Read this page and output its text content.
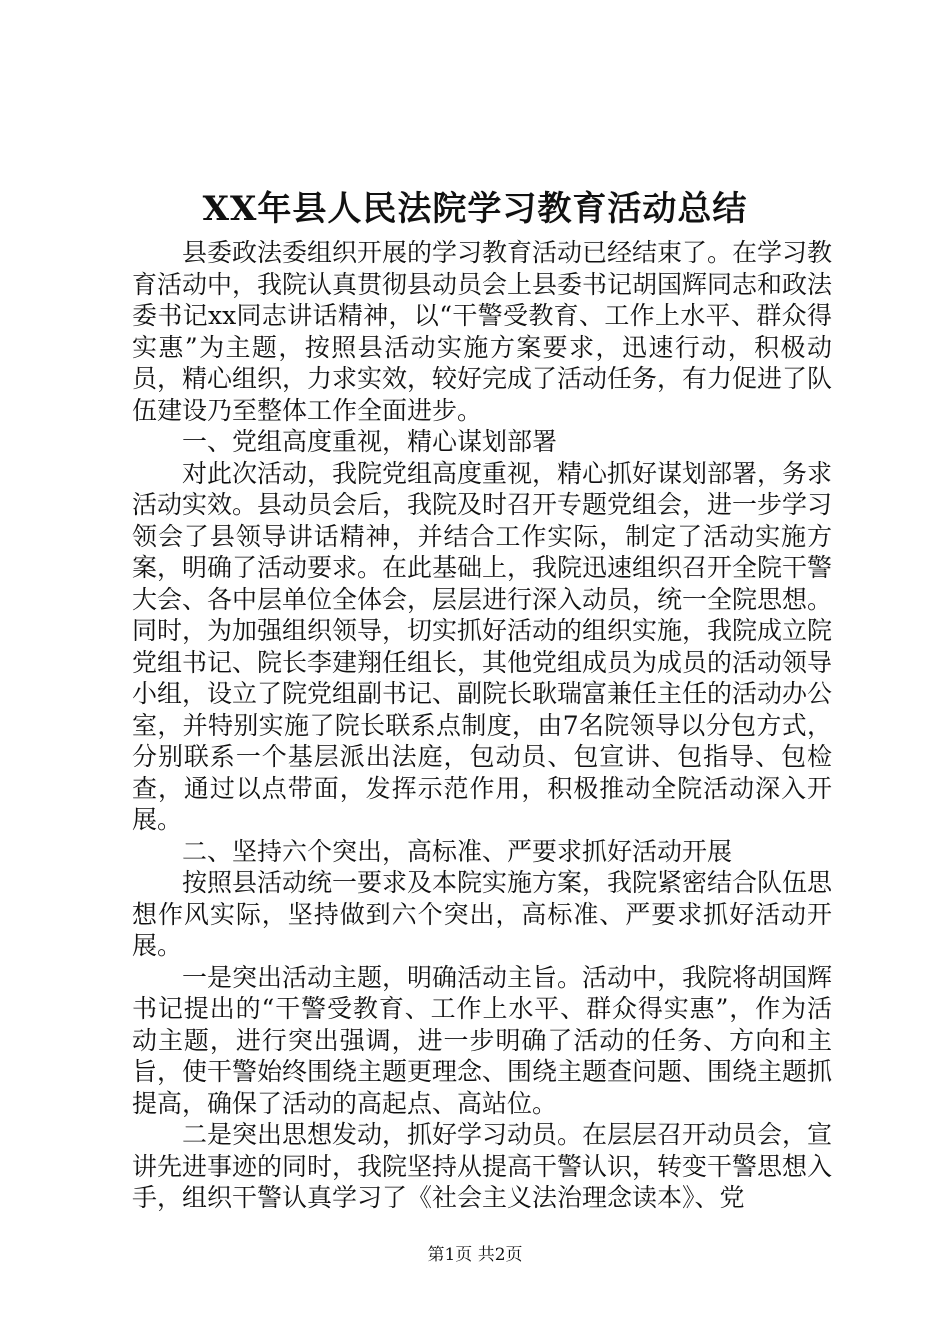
XX年县人民法院学习教育活动总结

县委政法委组织开展的学习教育活动已经结束了。在学习教育活动中，我院认真贯彻县动员会上县委书记胡国辉同志和政法委书记xx同志讲话精神，以“干警受教育、工作上水平、群众得实惠”为主题，按照县活动实施方案要求，迅速行动，积极动员，精心组织，力求实效，较好完成了活动任务，有力促进了队伍建设乃至整体工作全面进步。

一、党组高度重视，精心谋划部署

对此次活动，我院党组高度重视，精心抓好谋划部署，务求活动实效。县动员会后，我院及时召开专题党组会，进一步学习领会了县领导讲话精神，并结合工作实际，制定了活动实施方案，明确了活动要求。在此基础上，我院迅速组织召开全院干警大会、各中层单位全体会，层层进行深入动员，统一全院思想。同时，为加强组织领导，切实抓好活动的组织实施，我院成立院党组书记、院长李建翔任组长，其他党组成员为成员的活动领导小组，设立了院党组副书记、副院长耿瑞富兼任主任的活动办公室，并特别实施了院长联系点制度，由7名院领导以分包方式，分别联系一个基层派出法庭，包动员、包宣讲、包指导、包检查，通过以点带面，发挥示范作用，积极推动全院活动深入开展。

二、坚持六个突出，高标准、严要求抓好活动开展

按照县活动统一要求及本院实施方案，我院紧密结合队伍思想作风实际，坚持做到六个突出，高标准、严要求抓好活动开展。

一是突出活动主题，明确活动主旨。活动中，我院将胡国辉书记提出的“干警受教育、工作上水平、群众得实惠”，作为活动主题，进行突出强调，进一步明确了活动的任务、方向和主旨，使干警始终围绕主题更理念、围绕主题查问题、围绕主题抓提高，确保了活动的高起点、高站位。

二是突出思想发动，抓好学习动员。在层层召开动员会，宣讲先进事迹的同时，我院坚持从提高干警认识，转变干警思想入手，组织干警认真学习了《社会主义法治理念读本》、党

第1页 共2页
